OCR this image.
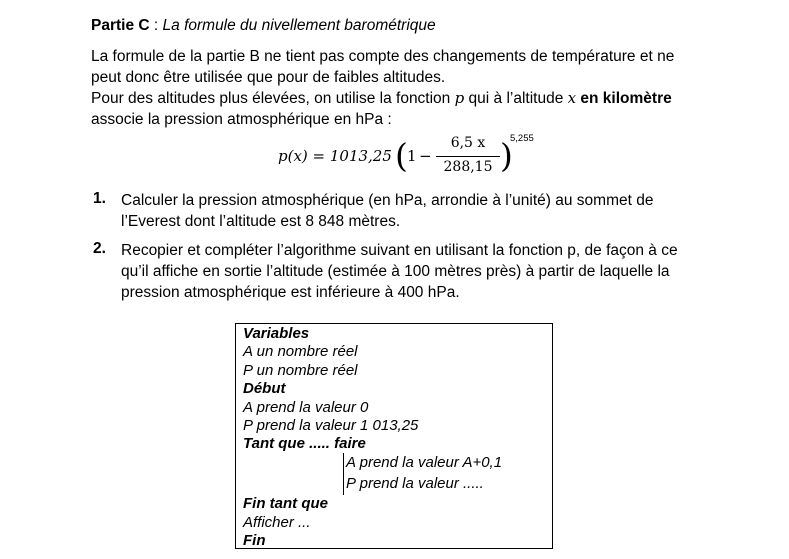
Partie C : La formule du nivellement barométrique
La formule de la partie B ne tient pas compte des changements de température et ne
peut donc être utilisée que pour de faibles altitudes.
Pour des altitudes plus élevées, on utilise la fonction p qui à l’altitude x en kilomètre
associe la pression atmosphérique en hPa :
p(x) = 1013,25 ( 1 −
6,5 x
288,15 )
5,255
1. Calculer la pression atmosphérique (en hPa, arrondie à l’unité) au sommet de
l’Everest dont l’altitude est 8 848 mètres.
2. Recopier et compléter l’algorithme suivant en utilisant la fonction p, de façon à ce
qu’il affiche en sortie l’altitude (estimée à 100 mètres près) à partir de laquelle la
pression atmosphérique est inférieure à 400 hPa.
Variables
A un nombre réel
P un nombre réel
Début
A prend la valeur 0
P prend la valeur 1 013,25
Tant que ..... faire
A prend la valeur A+0,1
P prend la valeur .....
Fin tant que
Afficher ...
Fin
